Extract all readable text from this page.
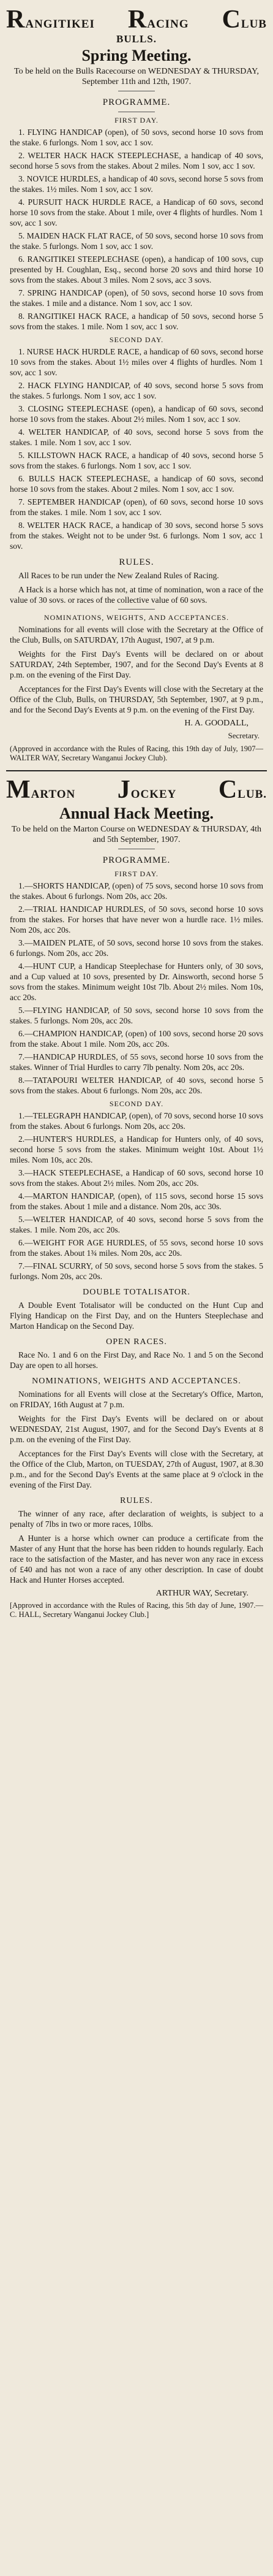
RANGITIKEI RACING CLUB
BULLS.
Spring Meeting.
To be held on the Bulls Racecourse on WEDNESDAY & THURSDAY, September 11th and 12th, 1907.
PROGRAMME.
FIRST DAY.
1. FLYING HANDICAP (open), of 50 sovs, second horse 10 sovs from the stake. 6 furlongs. Nom 1 sov, acc 1 sov.
2. WELTER HACK HACK STEEPLECHASE, a handicap of 40 sovs, second horse 5 sovs from the stakes. About 2 miles. Nom 1 sov, acc 1 sov.
3. NOVICE HURDLES, a handicap of 40 sovs, second horse 5 sovs from the stakes. 1½ miles. Nom 1 sov, acc 1 sov.
4. PURSUIT HACK HURDLE RACE, a Handicap of 60 sovs, second horse 10 sovs from the stake. About 1 mile, over 4 flights of hurdles. Nom 1 sov, acc 1 sov.
5. MAIDEN HACK FLAT RACE, of 50 sovs, second horse 10 sovs from the stake. 5 furlongs. Nom 1 sov, acc 1 sov.
6. RANGITIKEI STEEPLECHASE (open), a handicap of 100 sovs, cup presented by H. Coughlan, Esq., second horse 20 sovs and third horse 10 sovs from the stakes. About 3 miles. Nom 2 sovs, acc 3 sovs.
7. SPRING HANDICAP (open), of 50 sovs, second horse 10 sovs from the stakes. 1 mile and a distance. Nom 1 sov, acc 1 sov.
8. RANGITIKEI HACK RACE, a handicap of 50 sovs, second horse 5 sovs from the stakes. 1 mile. Nom 1 sov, acc 1 sov.
SECOND DAY.
1. NURSE HACK HURDLE RACE, a handicap of 60 sovs, second horse 10 sovs from the stakes. About 1½ miles over 4 flights of hurdles. Nom 1 sov, acc 1 sov.
2. HACK FLYING HANDICAP, of 40 sovs, second horse 5 sovs from the stakes. 5 furlongs. Nom 1 sov, acc 1 sov.
3. CLOSING STEEPLECHASE (open), a handicap of 60 sovs, second horse 10 sovs from the stakes. About 2½ miles. Nom 1 sov, acc 1 sov.
4. WELTER HANDICAP, of 40 sovs, second horse 5 sovs from the stakes. 1 mile. Nom 1 sov, acc 1 sov.
5. KILLSTOWN HACK RACE, a handicap of 40 sovs, second horse 5 sovs from the stakes. 6 furlongs. Nom 1 sov, acc 1 sov.
6. BULLS HACK STEEPLECHASE, a handicap of 60 sovs, second horse 10 sovs from the stakes. About 2 miles. Nom 1 sov, acc 1 sov.
7. SEPTEMBER HANDICAP (open), of 60 sovs, second horse 10 sovs from the stakes. 1 mile. Nom 1 sov, acc 1 sov.
8. WELTER HACK RACE, a handicap of 30 sovs, second horse 5 sovs from the stakes. Weight not to be under 9st. 6 furlongs. Nom 1 sov, acc 1 sov.
RULES.
All Races to be run under the New Zealand Rules of Racing.
A Hack is a horse which has not, at time of nomination, won a race of the value of 30 sovs. or races of the collective value of 60 sovs.
NOMINATIONS, WEIGHTS, AND ACCEPTANCES.
Nominations for all events will close with the Secretary at the Office of the Club, Bulls, on SATURDAY, 17th August, 1907, at 9 p.m.
Weights for the First Day's Events will be declared on or about SATURDAY, 24th September, 1907, and for the Second Day's Events at 8 p.m. on the evening of the First Day.
Acceptances for the First Day's Events will close with the Secretary at the Office of the Club, Bulls, on THURSDAY, 5th September, 1907, at 9 p.m., and for the Second Day's Events at 9 p.m. on the evening of the First Day.
H. A. GOODALL,
Secretary.
(Approved in accordance with the Rules of Racing, this 19th day of July, 1907—WALTER WAY, Secretary Wanganui Jockey Club).
MARTON JOCKEY CLUB.
Annual Hack Meeting.
To be held on the Marton Course on WEDNESDAY & THURSDAY, 4th and 5th September, 1907.
PROGRAMME.
FIRST DAY.
1.—SHORTS HANDICAP, (open) of 75 sovs, second horse 10 sovs from the stakes. About 6 furlongs. Nom 20s, acc 20s.
2.—TRIAL HANDICAP HURDLES, of 50 sovs, second horse 10 sovs from the stakes. For horses that have never won a hurdle race. 1½ miles. Nom 20s, acc 20s.
3.—MAIDEN PLATE, of 50 sovs, second horse 10 sovs from the stakes. 6 furlongs. Nom 20s, acc 20s.
4.—HUNT CUP, a Handicap Steeplechase for Hunters only, of 30 sovs, and a Cup valued at 10 sovs, presented by Dr. Ainsworth, second horse 5 sovs from the stakes. Minimum weight 10st 7lb. About 2½ miles. Nom 10s, acc 20s.
5.—FLYING HANDICAP, of 50 sovs, second horse 10 sovs from the stakes. 5 furlongs. Nom 20s, acc 20s.
6.—CHAMPION HANDICAP, (open) of 100 sovs, second horse 20 sovs from the stake. About 1 mile. Nom 20s, acc 20s.
7.—HANDICAP HURDLES, of 55 sovs, second horse 10 sovs from the stakes. Winner of Trial Hurdles to carry 7lb penalty. Nom 20s, acc 20s.
8.—TATAPOURI WELTER HANDICAP, of 40 sovs, second horse 5 sovs from the stakes. About 6 furlongs. Nom 20s, acc 20s.
SECOND DAY.
1.—TELEGRAPH HANDICAP, (open), of 70 sovs, second horse 10 sovs from the stakes. About 6 furlongs. Nom 20s, acc 20s.
2.—HUNTER'S HURDLES, a Handicap for Hunters only, of 40 sovs, second horse 5 sovs from the stakes. Minimum weight 10st. About 1½ miles. Nom 10s, acc 20s.
3.—HACK STEEPLECHASE, a Handicap of 60 sovs, second horse 10 sovs from the stakes. About 2½ miles. Nom 20s, acc 20s.
4.—MARTON HANDICAP, (open), of 115 sovs, second horse 15 sovs from the stakes. About 1 mile and a distance. Nom 20s, acc 30s.
5.—WELTER HANDICAP, of 40 sovs, second horse 5 sovs from the stakes. 1 mile. Nom 20s, acc 20s.
6.—WEIGHT FOR AGE HURDLES, of 55 sovs, second horse 10 sovs from the stakes. About 1¾ miles. Nom 20s, acc 20s.
7.—FINAL SCURRY, of 50 sovs, second horse 5 sovs from the stakes. 5 furlongs. Nom 20s, acc 20s.
DOUBLE TOTALISATOR.
A Double Event Totalisator will be conducted on the Hunt Cup and Flying Handicap on the First Day, and on the Hunters Steeplechase and Marton Handicap on the Second Day.
OPEN RACES.
Race No. 1 and 6 on the First Day, and Race No. 1 and 5 on the Second Day are open to all horses.
NOMINATIONS, WEIGHTS AND ACCEPTANCES.
Nominations for all Events will close at the Secretary's Office, Marton, on FRIDAY, 16th August at 7 p.m.
Weights for the First Day's Events will be declared on or about WEDNESDAY, 21st August, 1907, and for the Second Day's Events at 8 p.m. on the evening of the First Day.
Acceptances for the First Day's Events will close with the Secretary, at the Office of the Club, Marton, on TUESDAY, 27th of August, 1907, at 8.30 p.m., and for the Second Day's Events at the same place at 9 o'clock in the evening of the First Day.
RULES.
The winner of any race, after declaration of weights, is subject to a penalty of 7lbs in two or more races, 10lbs.
A Hunter is a horse which owner can produce a certificate from the Master of any Hunt that the horse has been ridden to hounds regularly. Each race to the satisfaction of the Master, and has never won any race in excess of £40 and has not won a race of any other description. In case of doubt Hack and Hunter Horses accepted.
ARTHUR WAY, Secretary.
[Approved in accordance with the Rules of Racing, this 5th day of June, 1907.—C. HALL, Secretary Wanganui Jockey Club.]
